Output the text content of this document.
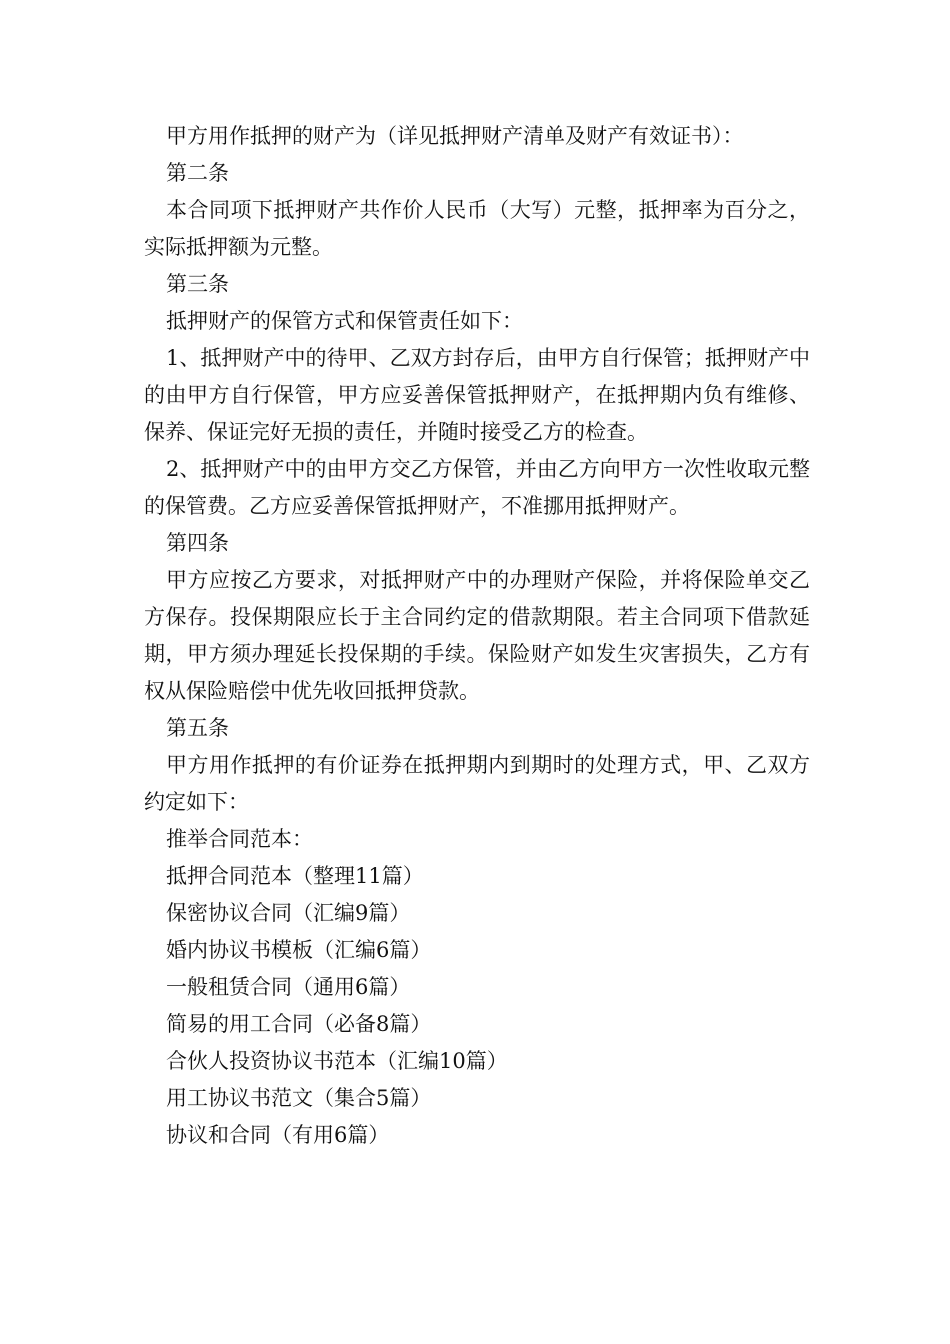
甲方用作抵押的财产为（详见抵押财产清单及财产有效证书）：

第二条

本合同项下抵押财产共作价人民币（大写）元整，抵押率为百分之，实际抵押额为元整。

第三条

抵押财产的保管方式和保管责任如下：

1、抵押财产中的待甲、乙双方封存后，由甲方自行保管；抵押财产中的由甲方自行保管，甲方应妥善保管抵押财产，在抵押期内负有维修、保养、保证完好无损的责任，并随时接受乙方的检查。

2、抵押财产中的由甲方交乙方保管，并由乙方向甲方一次性收取元整的保管费。乙方应妥善保管抵押财产，不准挪用抵押财产。

第四条

甲方应按乙方要求，对抵押财产中的办理财产保险，并将保险单交乙方保存。投保期限应长于主合同约定的借款期限。若主合同项下借款延期，甲方须办理延长投保期的手续。保险财产如发生灾害损失，乙方有权从保险赔偿中优先收回抵押贷款。

第五条

甲方用作抵押的有价证券在抵押期内到期时的处理方式，甲、乙双方约定如下：

推举合同范本：

抵押合同范本（整理11篇）
保密协议合同（汇编9篇）
婚内协议书模板（汇编6篇）
一般租赁合同（通用6篇）
简易的用工合同（必备8篇）
合伙人投资协议书范本（汇编10篇）
用工协议书范文（集合5篇）
协议和合同（有用6篇）
